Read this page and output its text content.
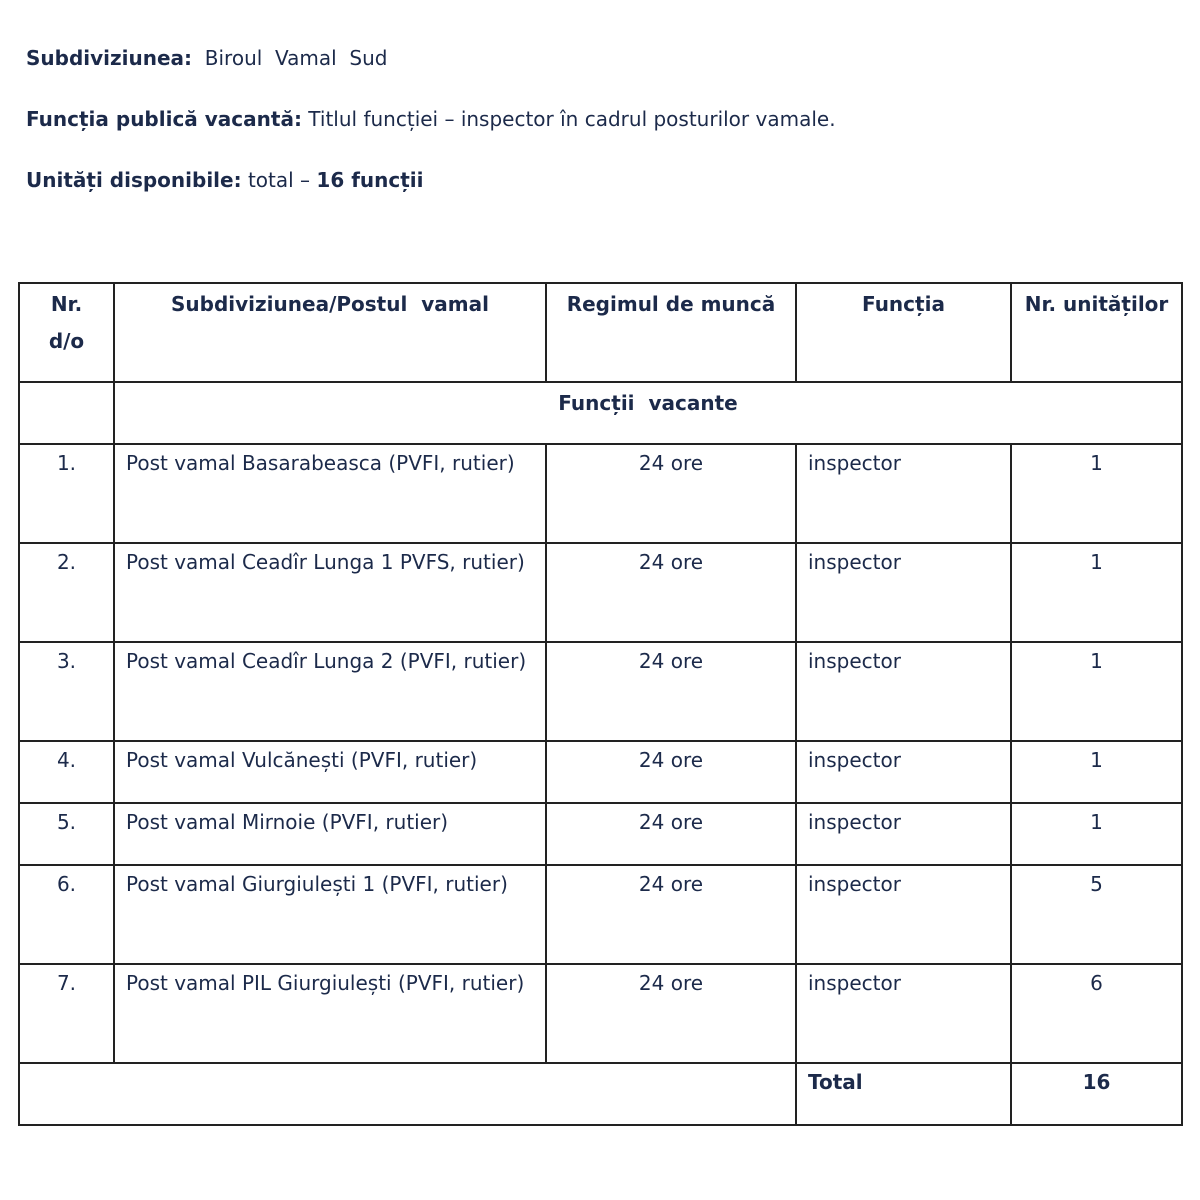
Subdiviziunea:  Biroul  Vamal  Sud
Funcția publică vacantă: Titlul funcției – inspector în cadrul posturilor vamale.
Unități disponibile: total – 16 funcții
Nr. d/o	Subdiviziunea/Postul  vamal	Regimul de muncă	Funcția	Nr. unităților
	Funcții  vacante			
1.	Post vamal Basarabeasca (PVFI, rutier)	24 ore	inspector	1
2.	Post vamal Ceadîr Lunga 1 PVFS, rutier)	24 ore	inspector	1
3.	Post vamal Ceadîr Lunga 2 (PVFI, rutier)	24 ore	inspector	1
4.	Post vamal Vulcănești (PVFI, rutier)	24 ore	inspector	1
5.	Post vamal Mirnoie (PVFI, rutier)	24 ore	inspector	1
6.	Post vamal Giurgiulești 1 (PVFI, rutier)	24 ore	inspector	5
7.	Post vamal PIL Giurgiulești (PVFI, rutier)	24 ore	inspector	6
			Total	16
